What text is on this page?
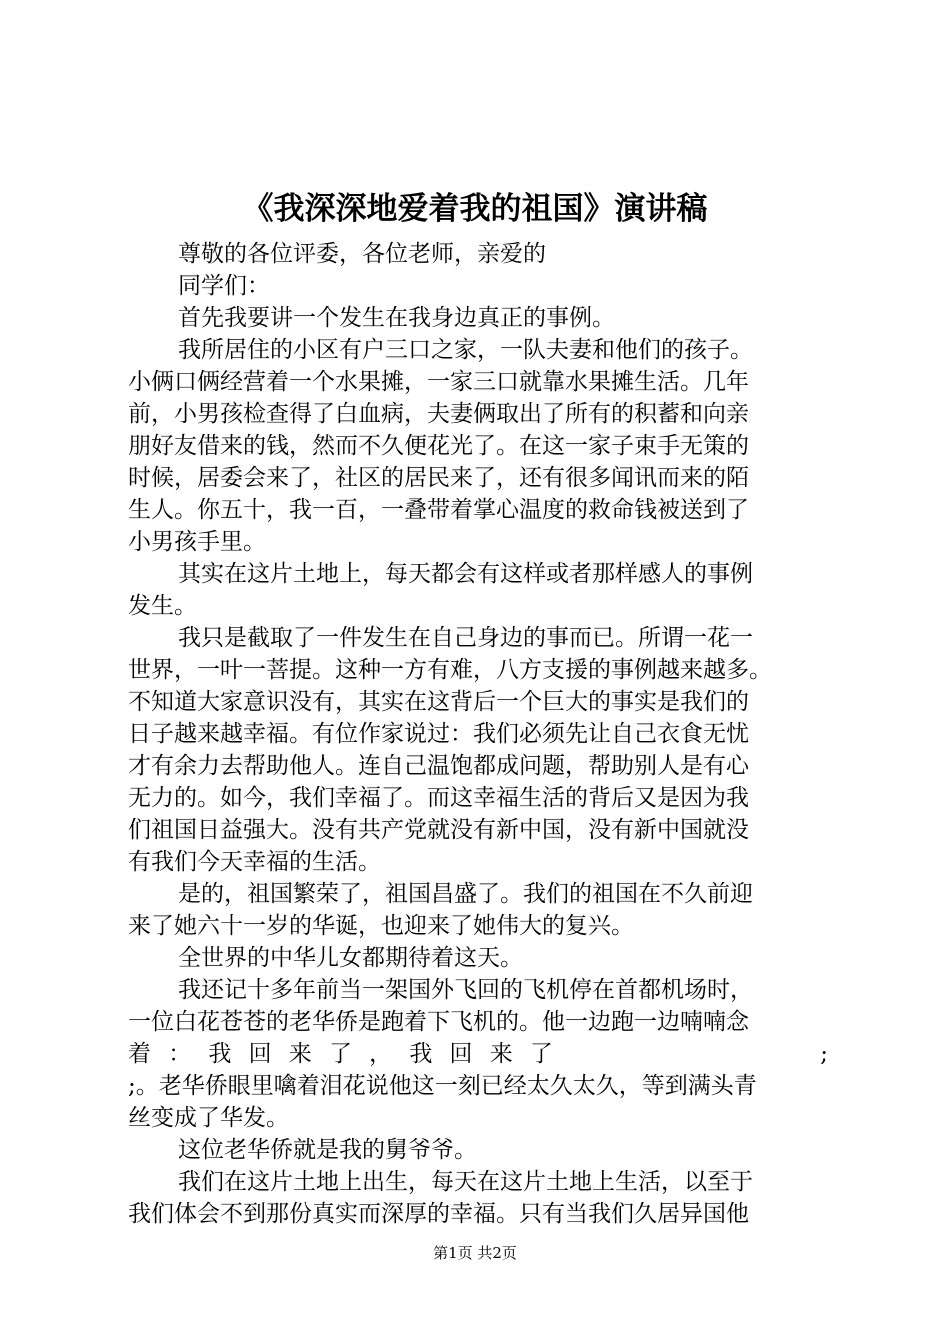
《我深深地爱着我的祖国》演讲稿
尊敬的各位评委，各位老师，亲爱的
同学们：
首先我要讲一个发生在我身边真正的事例。
我所居住的小区有户三口之家，一队夫妻和他们的孩子。
小俩口俩经营着一个水果摊，一家三口就靠水果摊生活。几年
前，小男孩检查得了白血病，夫妻俩取出了所有的积蓄和向亲
朋好友借来的钱，然而不久便花光了。在这一家子束手无策的
时候，居委会来了，社区的居民来了，还有很多闻讯而来的陌
生人。你五十，我一百，一叠带着掌心温度的救命钱被送到了
小男孩手里。
其实在这片土地上，每天都会有这样或者那样感人的事例
发生。
我只是截取了一件发生在自己身边的事而已。所谓一花一
世界，一叶一菩提。这种一方有难，八方支援的事例越来越多。
不知道大家意识没有，其实在这背后一个巨大的事实是我们的
日子越来越幸福。有位作家说过：我们必须先让自己衣食无忧
才有余力去帮助他人。连自己温饱都成问题，帮助别人是有心
无力的。如今，我们幸福了。而这幸福生活的背后又是因为我
们祖国日益强大。没有共产党就没有新中国，没有新中国就没
有我们今天幸福的生活。
是的，祖国繁荣了，祖国昌盛了。我们的祖国在不久前迎
来了她六十一岁的华诞，也迎来了她伟大的复兴。
全世界的中华儿女都期待着这天。
我还记十多年前当一架国外飞回的飞机停在首都机场时，
一位白花苍苍的老华侨是跑着下飞机的。他一边跑一边喃喃念
着 ： 我 回 来 了 ， 我 回 来 了	;
;。老华侨眼里噙着泪花说他这一刻已经太久太久，等到满头青
丝变成了华发。
这位老华侨就是我的舅爷爷。
我们在这片土地上出生，每天在这片土地上生活，以至于
我们体会不到那份真实而深厚的幸福。只有当我们久居异国他
第1页 共2页
